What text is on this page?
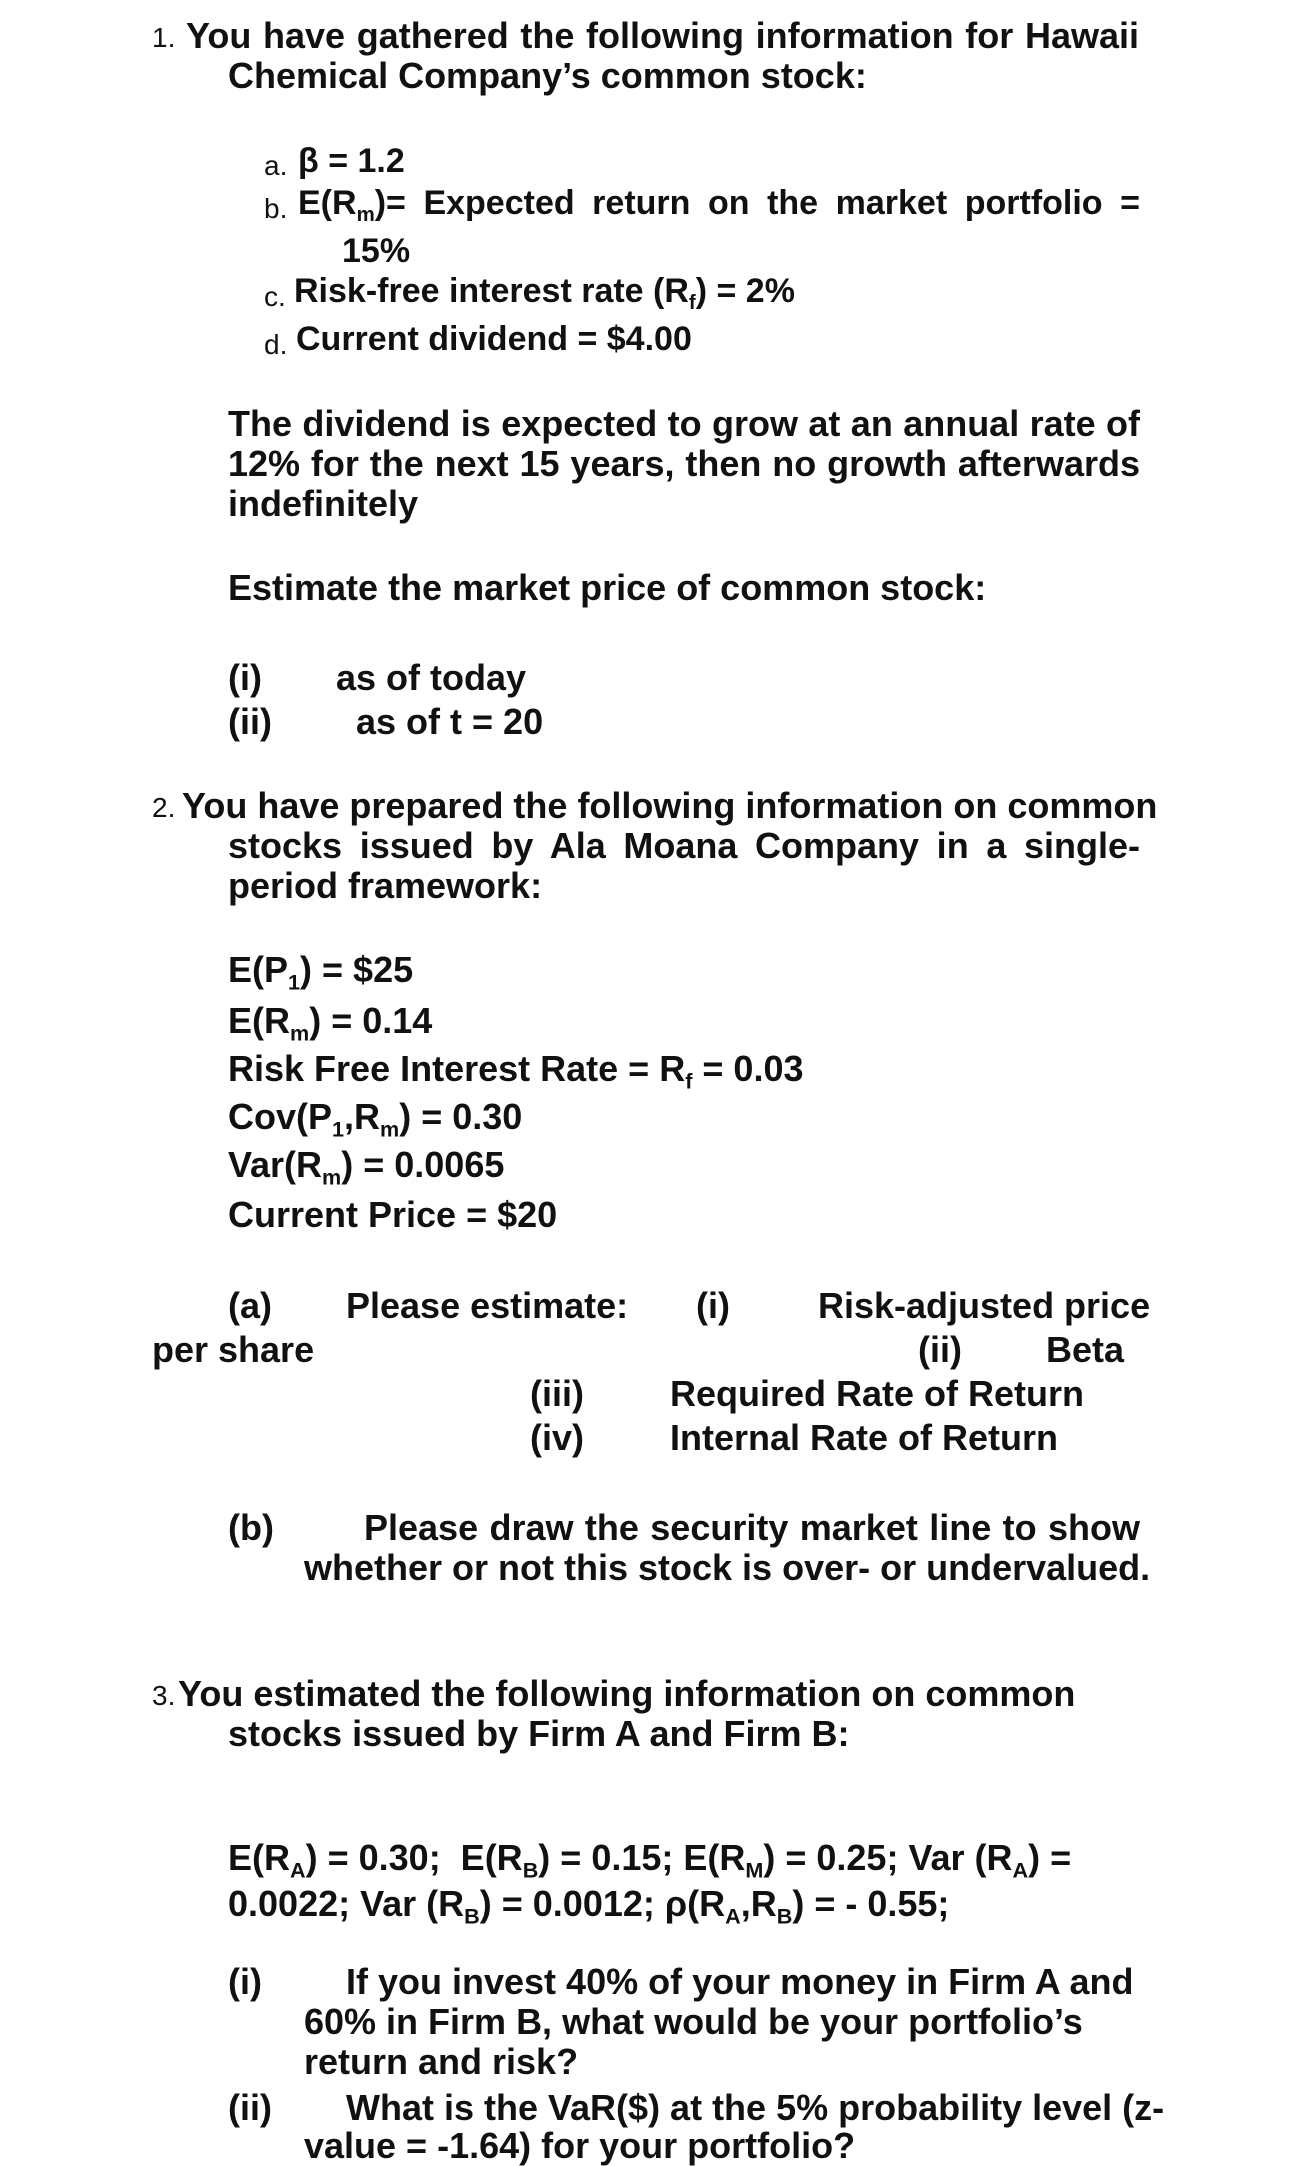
1. You have gathered the following information for Hawaii
Chemical Company’s common stock:
a. β = 1.2
b. $E(R_m)=$ Expected return on the market portfolio =
15%
c. Risk-free interest rate $(R_f) = 2\%$
d. Current dividend = $4.00
The dividend is expected to grow at an annual rate of
12% for the next 15 years, then no growth afterwards
indefinitely
Estimate the market price of common stock:
(i) as of today
(ii) as of t = 20
2. You have prepared the following information on common
stocks issued by Ala Moana Company in a single-
period framework:
$E(P_1)$ = $25
$E(R_m) = 0.14$
Risk Free Interest Rate = $R_f = 0.03$
$Cov(P_1,R_m) = 0.30$
$Var(R_m) = 0.0065$
Current Price = $20
(a) Please estimate: (i) Risk-adjusted price
per share	(ii) Beta
(iii) Required Rate of Return
(iv) Internal Rate of Return
(b)	Please draw the security market line to show
whether or not this stock is over- or undervalued.
3. You estimated the following information on common
stocks issued by Firm A and Firm B:
$E(R_A) = 0.30$;  $E(R_B) = 0.15$; $E(R_M) = 0.25$; Var $(R_A)$ =
0.0022; Var $(R_B) = 0.0012$; $\rho(R_A,R_B)$ = - 0.55;
(i) If you invest 40% of your money in Firm A and
60% in Firm B, what would be your portfolio’s
return and risk?
(ii) What is the VaR($) at the 5% probability level (z-
value = -1.64) for your portfolio?
